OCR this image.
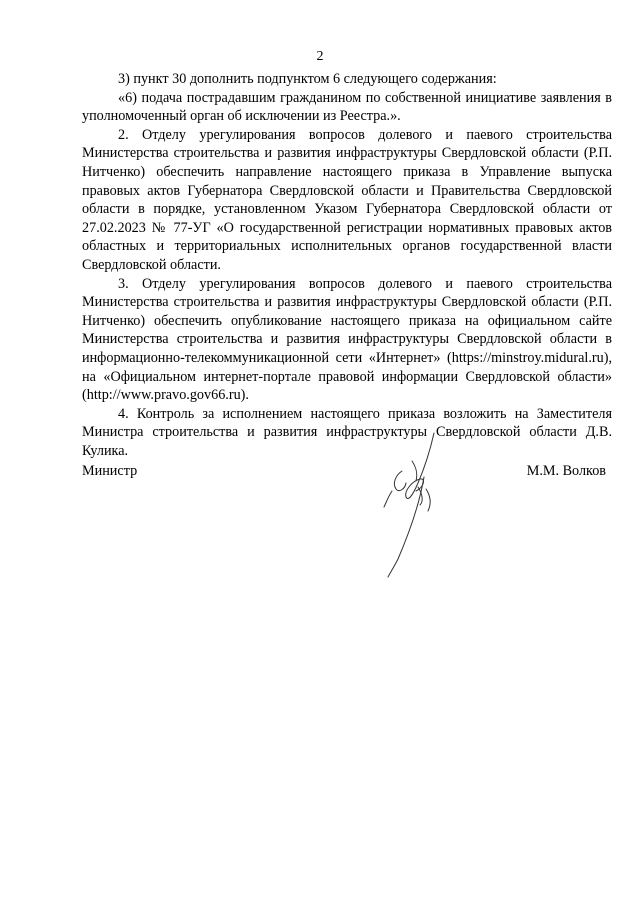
2

3) пункт 30 дополнить подпунктом 6 следующего содержания:

«6) подача пострадавшим гражданином по собственной инициативе заявления в уполномоченный орган об исключении из Реестра.».

2. Отделу урегулирования вопросов долевого и паевого строительства Министерства строительства и развития инфраструктуры Свердловской области (Р.П. Нитченко) обеспечить направление настоящего приказа в Управление выпуска правовых актов Губернатора Свердловской области и Правительства Свердловской области в порядке, установленном Указом Губернатора Свердловской области от 27.02.2023 № 77-УГ «О государственной регистрации нормативных правовых актов областных и территориальных исполнительных органов государственной власти Свердловской области.

3. Отделу урегулирования вопросов долевого и паевого строительства Министерства строительства и развития инфраструктуры Свердловской области (Р.П. Нитченко) обеспечить опубликование настоящего приказа на официальном сайте Министерства строительства и развития инфраструктуры Свердловской области в информационно-телекоммуникационной сети «Интернет» (https://minstroy.midural.ru), на «Официальном интернет-портале правовой информации Свердловской области» (http://www.pravo.gov66.ru).

4. Контроль за исполнением настоящего приказа возложить на Заместителя Министра строительства и развития инфраструктуры Свердловской области Д.В. Кулика.

Министр	М.М. Волков
